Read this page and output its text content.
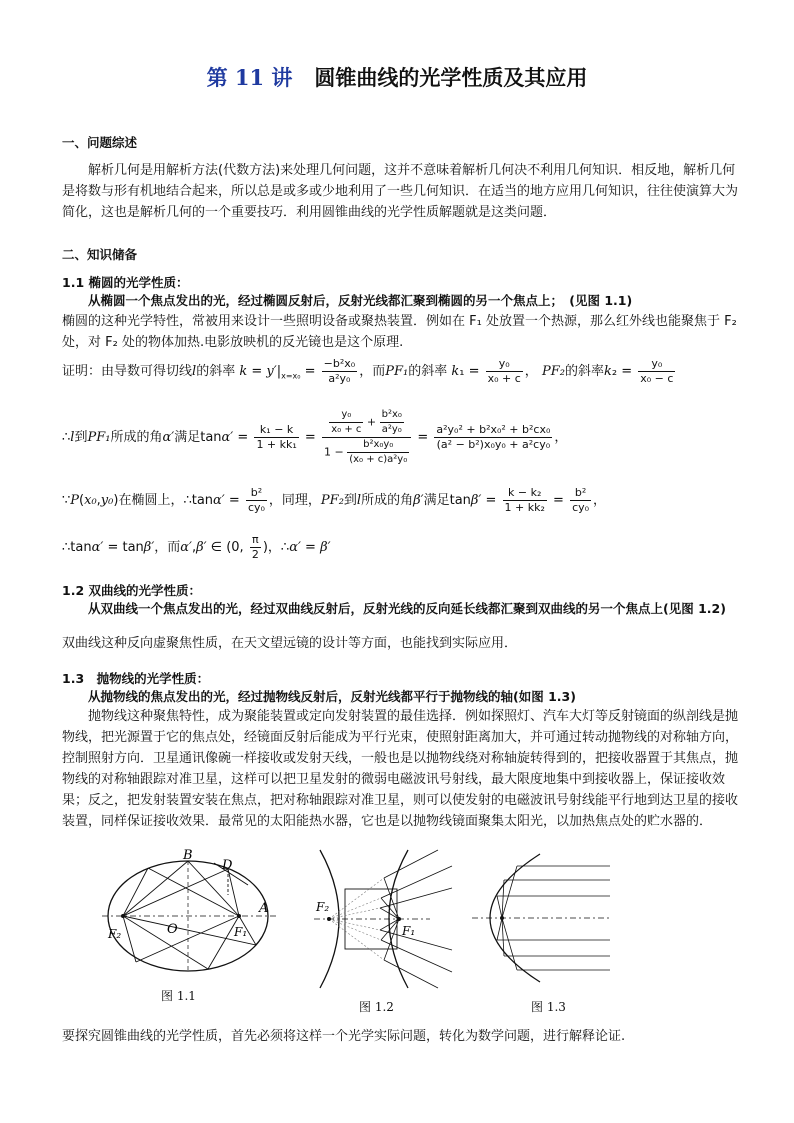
第 11 讲 圆锥曲线的光学性质及其应用
一、问题综述
解析几何是用解析方法(代数方法)来处理几何问题，这并不意味着解析几何决不利用几何知识．相反地，解析几何是将数与形有机地结合起来，所以总是或多或少地利用了一些几何知识．在适当的地方应用几何知识，往往使演算大为简化，这也是解析几何的一个重要技巧．利用圆锥曲线的光学性质解题就是这类问题．
二、知识储备
1.1 椭圆的光学性质：
从椭圆一个焦点发出的光，经过椭圆反射后，反射光线都汇聚到椭圆的另一个焦点上；　(见图 1.1)
椭圆的这种光学特性，常被用来设计一些照明设备或聚热装置．例如在 F₁ 处放置一个热源，那么红外线也能聚焦于 F₂ 处，对 F₂ 处的物体加热.电影放映机的反光镜也是这个原理.
证明：由导数可得切线l的斜率 $k = y'|_{x=x_0} = \frac{\text{−b²x₀}}{\text{a²y₀}}$ ，而PF₁的斜率 $k_1 = \frac{\text{y₀}}{\text{x₀ + c}}$ ， PF₂的斜率$k_2 = \frac{\text{y₀}}{\text{x₀ − c}}$
∴l到PF₁所成的角α′满足$\tan\alpha' = \frac{\text{k₁ − k}}{\text{1 + kk₁}} = \frac{\frac{\text{y₀}}{\text{x₀ + c}} + \frac{\text{b²x₀}}{\text{a²y₀}}}{1 - \frac{\text{b²x₀y₀}}{\text{(x₀ + c)a²y₀}}} = \frac{\text{a²y₀² + b²x₀² + b²cx₀}}{\text{(a² − b²)x₀y₀ + a²cy₀}}$ ，
∵P(x₀,y₀)在椭圆上，∴tanα′ = $\frac{\text{b²}}{\text{cy₀}}$ ，同理，PF₂到l所成的角β′满足$\tan\beta' = \frac{\text{k − k₂}}{\text{1 + kk₂}} = \frac{\text{b²}}{\text{cy₀}}$ ，
∴tanα′ = tanβ′，而α′,β′ ∈ (0, $\frac{\pi}{2}$ )，∴α′ = β′
1.2 双曲线的光学性质：
从双曲线一个焦点发出的光，经过双曲线反射后，反射光线的反向延长线都汇聚到双曲线的另一个焦点上(见图 1.2)
双曲线这种反向虚聚焦性质，在天文望远镜的设计等方面，也能找到实际应用．
1.3　抛物线的光学性质：
从抛物线的焦点发出的光，经过抛物线反射后，反射光线都平行于抛物线的轴(如图 1.3)
抛物线这种聚焦特性，成为聚能装置或定向发射装置的最佳选择．例如探照灯、汽车大灯等反射镜面的纵剖线是抛物线，把光源置于它的焦点处，经镜面反射后能成为平行光束，使照射距离加大，并可通过转动抛物线的对称轴方向，控制照射方向．卫星通讯像碗一样接收或发射天线，一般也是以抛物线绕对称轴旋转得到的，把接收器置于其焦点，抛物线的对称轴跟踪对准卫星，这样可以把卫星发射的微弱电磁波讯号射线，最大限度地集中到接收器上，保证接收效果；反之，把发射装置安装在焦点，把对称轴跟踪对准卫星，则可以使发射的电磁波讯号射线能平行地到达卫星的接收装置，同样保证接收效果．最常见的太阳能热水器，它也是以抛物线镜面聚集太阳光，以加热焦点处的贮水器的．
B
D
A
O
F₂	F₁
图 1.1
F₂
F₁
图 1.2	图 1.3
要探究圆锥曲线的光学性质，首先必须将这样一个光学实际问题，转化为数学问题，进行解释论证.
